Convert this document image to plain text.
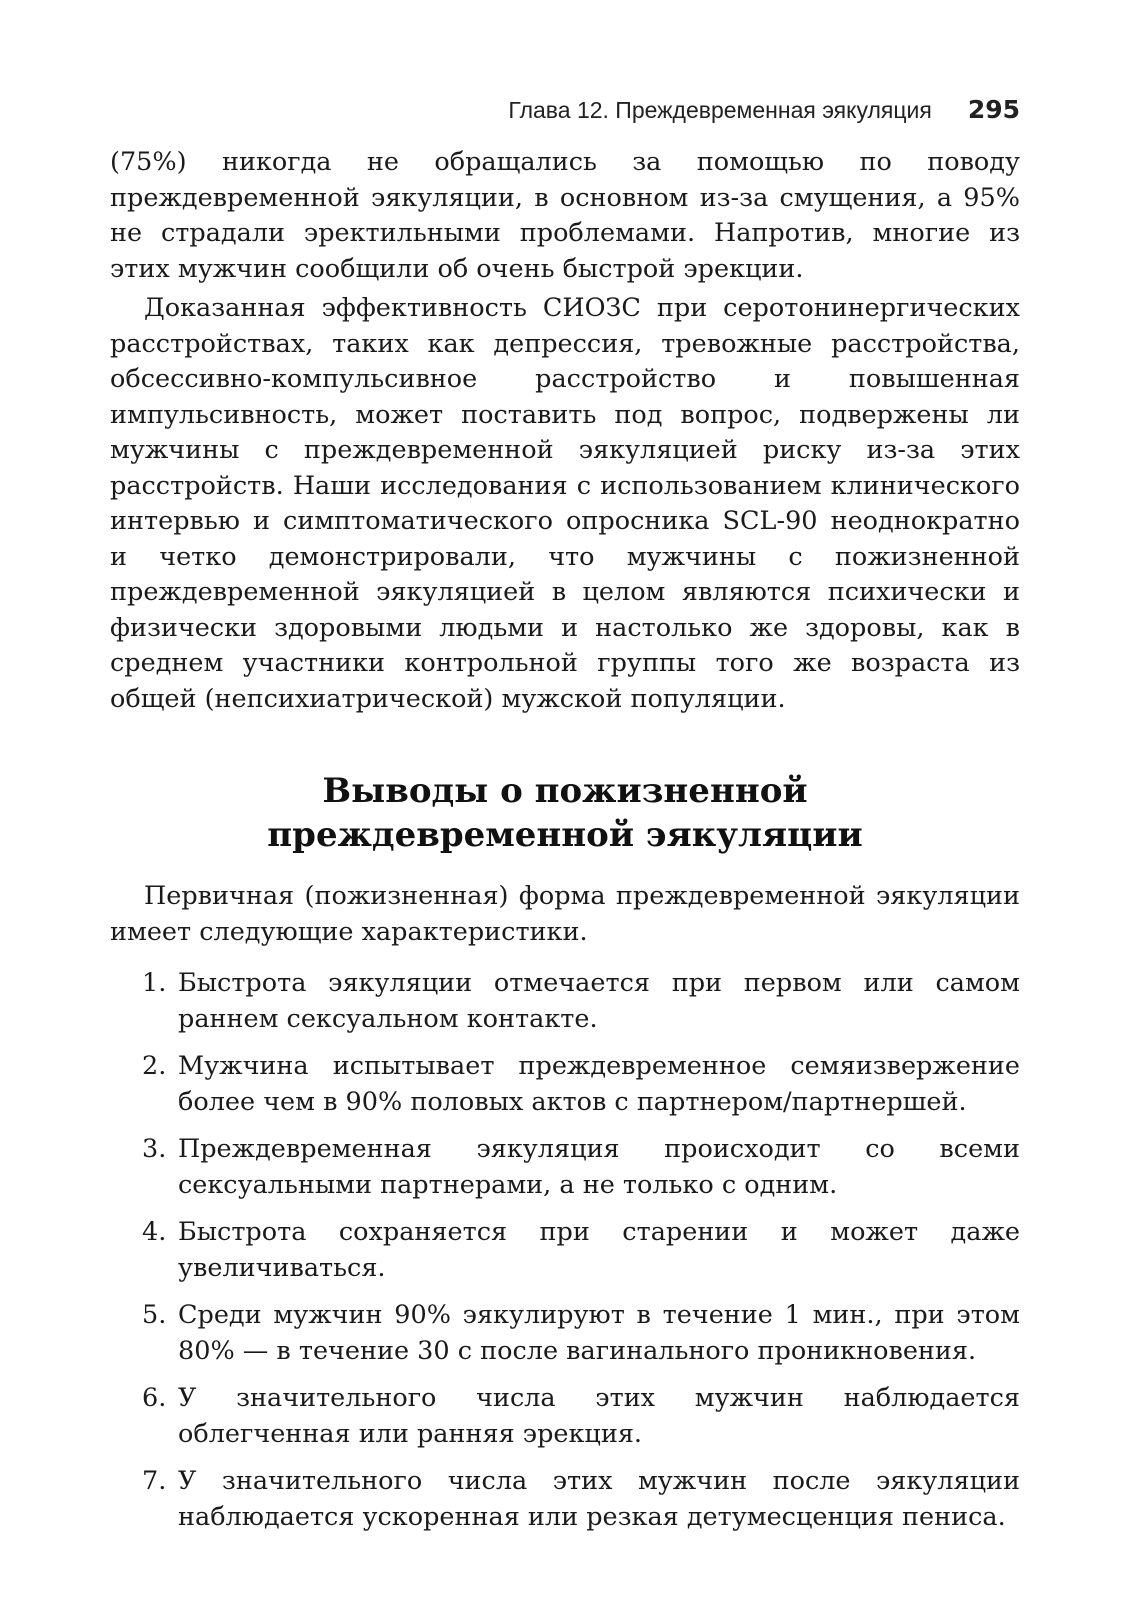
Глава 12. Преждевременная эякуляция 295

(75%) никогда не обращались за помощью по поводу преждевременной эякуляции, в основном из-за смущения, а 95% не страдали эректильными проблемами. Напротив, многие из этих мужчин сообщили об очень быстрой эрекции.

Доказанная эффективность СИОЗС при серотонинергических расстройствах, таких как депрессия, тревожные расстройства, обсессивно-компульсивное расстройство и повышенная импульсивность, может поставить под вопрос, подвержены ли мужчины с преждевременной эякуляцией риску из-за этих расстройств. Наши исследования с использованием клинического интервью и симптоматического опросника SCL-90 неоднократно и четко демонстрировали, что мужчины с пожизненной преждевременной эякуляцией в целом являются психически и физически здоровыми людьми и настолько же здоровы, как в среднем участники контрольной группы того же возраста из общей (непсихиатрической) мужской популяции.

Выводы о пожизненной
преждевременной эякуляции

Первичная (пожизненная) форма преждевременной эякуляции имеет следующие характеристики.

1. Быстрота эякуляции отмечается при первом или самом раннем сексуальном контакте.
2. Мужчина испытывает преждевременное семяизвержение более чем в 90% половых актов с партнером/партнершей.
3. Преждевременная эякуляция происходит со всеми сексуальными партнерами, а не только с одним.
4. Быстрота сохраняется при старении и может даже увеличиваться.
5. Среди мужчин 90% эякулируют в течение 1 мин., при этом 80% — в течение 30 с после вагинального проникновения.
6. У значительного числа этих мужчин наблюдается облегченная или ранняя эрекция.
7. У значительного числа этих мужчин после эякуляции наблюдается ускоренная или резкая детумесценция пениса.
